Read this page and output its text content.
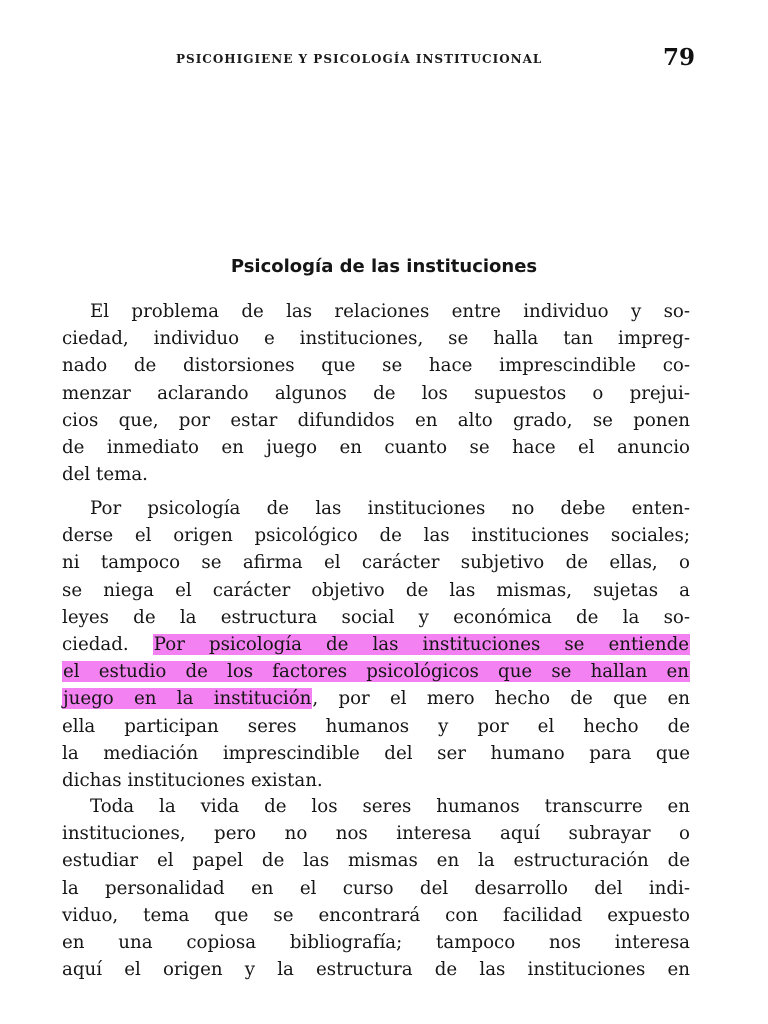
PSICOHIGIENE Y PSICOLOGÍA INSTITUCIONAL	79
Psicología de las instituciones
El problema de las relaciones entre individuo y so-
ciedad, individuo e instituciones, se halla tan impreg-
nado de distorsiones que se hace imprescindible co-
menzar aclarando algunos de los supuestos o prejui-
cios que, por estar difundidos en alto grado, se ponen
de inmediato en juego en cuanto se hace el anuncio
del tema.
Por psicología de las instituciones no debe enten-
derse el origen psicológico de las instituciones sociales;
ni tampoco se afirma el carácter subjetivo de ellas, o
se niega el carácter objetivo de las mismas, sujetas a
leyes de la estructura social y económica de la so-
ciedad. Por psicología de las instituciones se entiende
el estudio de los factores psicológicos que se hallan en
juego en la institución, por el mero hecho de que en
ella participan seres humanos y por el hecho de
la mediación imprescindible del ser humano para que
dichas instituciones existan.
Toda la vida de los seres humanos transcurre en
instituciones, pero no nos interesa aquí subrayar o
estudiar el papel de las mismas en la estructuración de
la personalidad en el curso del desarrollo del indi-
viduo, tema que se encontrará con facilidad expuesto
en una copiosa bibliografía; tampoco nos interesa
aquí el origen y la estructura de las instituciones en
